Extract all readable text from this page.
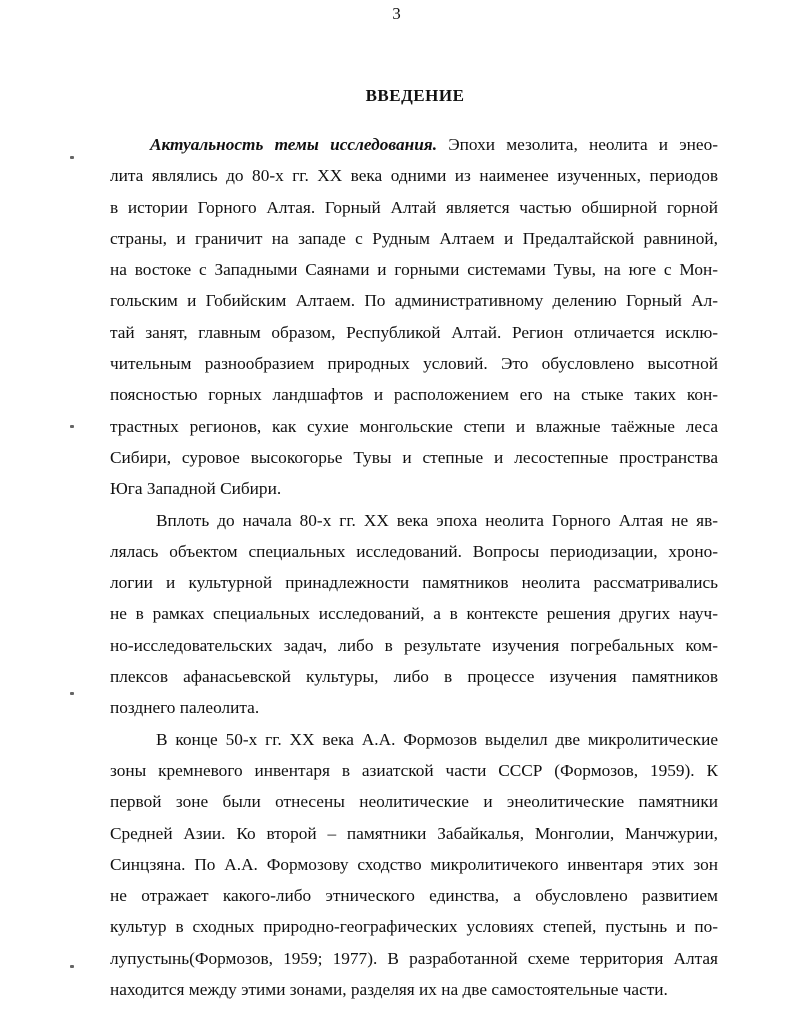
3
ВВЕДЕНИЕ
Актуальность темы исследования. Эпохи мезолита, неолита и энео-
лита являлись до 80-х гг. XX века одними из наименее изученных, периодов
в истории Горного Алтая. Горный Алтай является частью обширной горной
страны, и граничит на западе с Рудным Алтаем и Предалтайской равниной,
на востоке с Западными Саянами и горными системами Тувы, на юге с Мон-
гольским и Гобийским Алтаем. По административному делению Горный Ал-
тай занят, главным образом, Республикой Алтай. Регион отличается исклю-
чительным разнообразием природных условий. Это обусловлено высотной
поясностью горных ландшафтов и расположением его на стыке таких кон-
трастных регионов, как сухие монгольские степи и влажные таёжные леса
Сибири, суровое высокогорье Тувы и степные и лесостепные пространства
Юга Западной Сибири.
Вплоть до начала 80-х гг. XX века эпоха неолита Горного Алтая не яв-
лялась объектом специальных исследований. Вопросы периодизации, хроно-
логии и культурной принадлежности памятников неолита рассматривались
не в рамках специальных исследований, а в контексте решения других науч-
но-исследовательских задач, либо в результате изучения погребальных ком-
плексов афанасьевской культуры, либо в процессе изучения памятников
позднего палеолита.
В конце 50-х гг. XX века А.А. Формозов выделил две микролитические
зоны кремневого инвентаря в азиатской части СССР (Формозов, 1959). К
первой зоне были отнесены неолитические и энеолитические памятники
Средней Азии. Ко второй – памятники Забайкалья, Монголии, Манчжурии,
Синцзяна. По А.А. Формозову сходство микролитичекого инвентаря этих зон
не отражает какого-либо этнического единства, а обусловлено развитием
культур в сходных природно-географических условиях степей, пустынь и по-
лупустынь(Формозов, 1959; 1977). В разработанной схеме территория Алтая
находится между этими зонами, разделяя их на две самостоятельные части.
